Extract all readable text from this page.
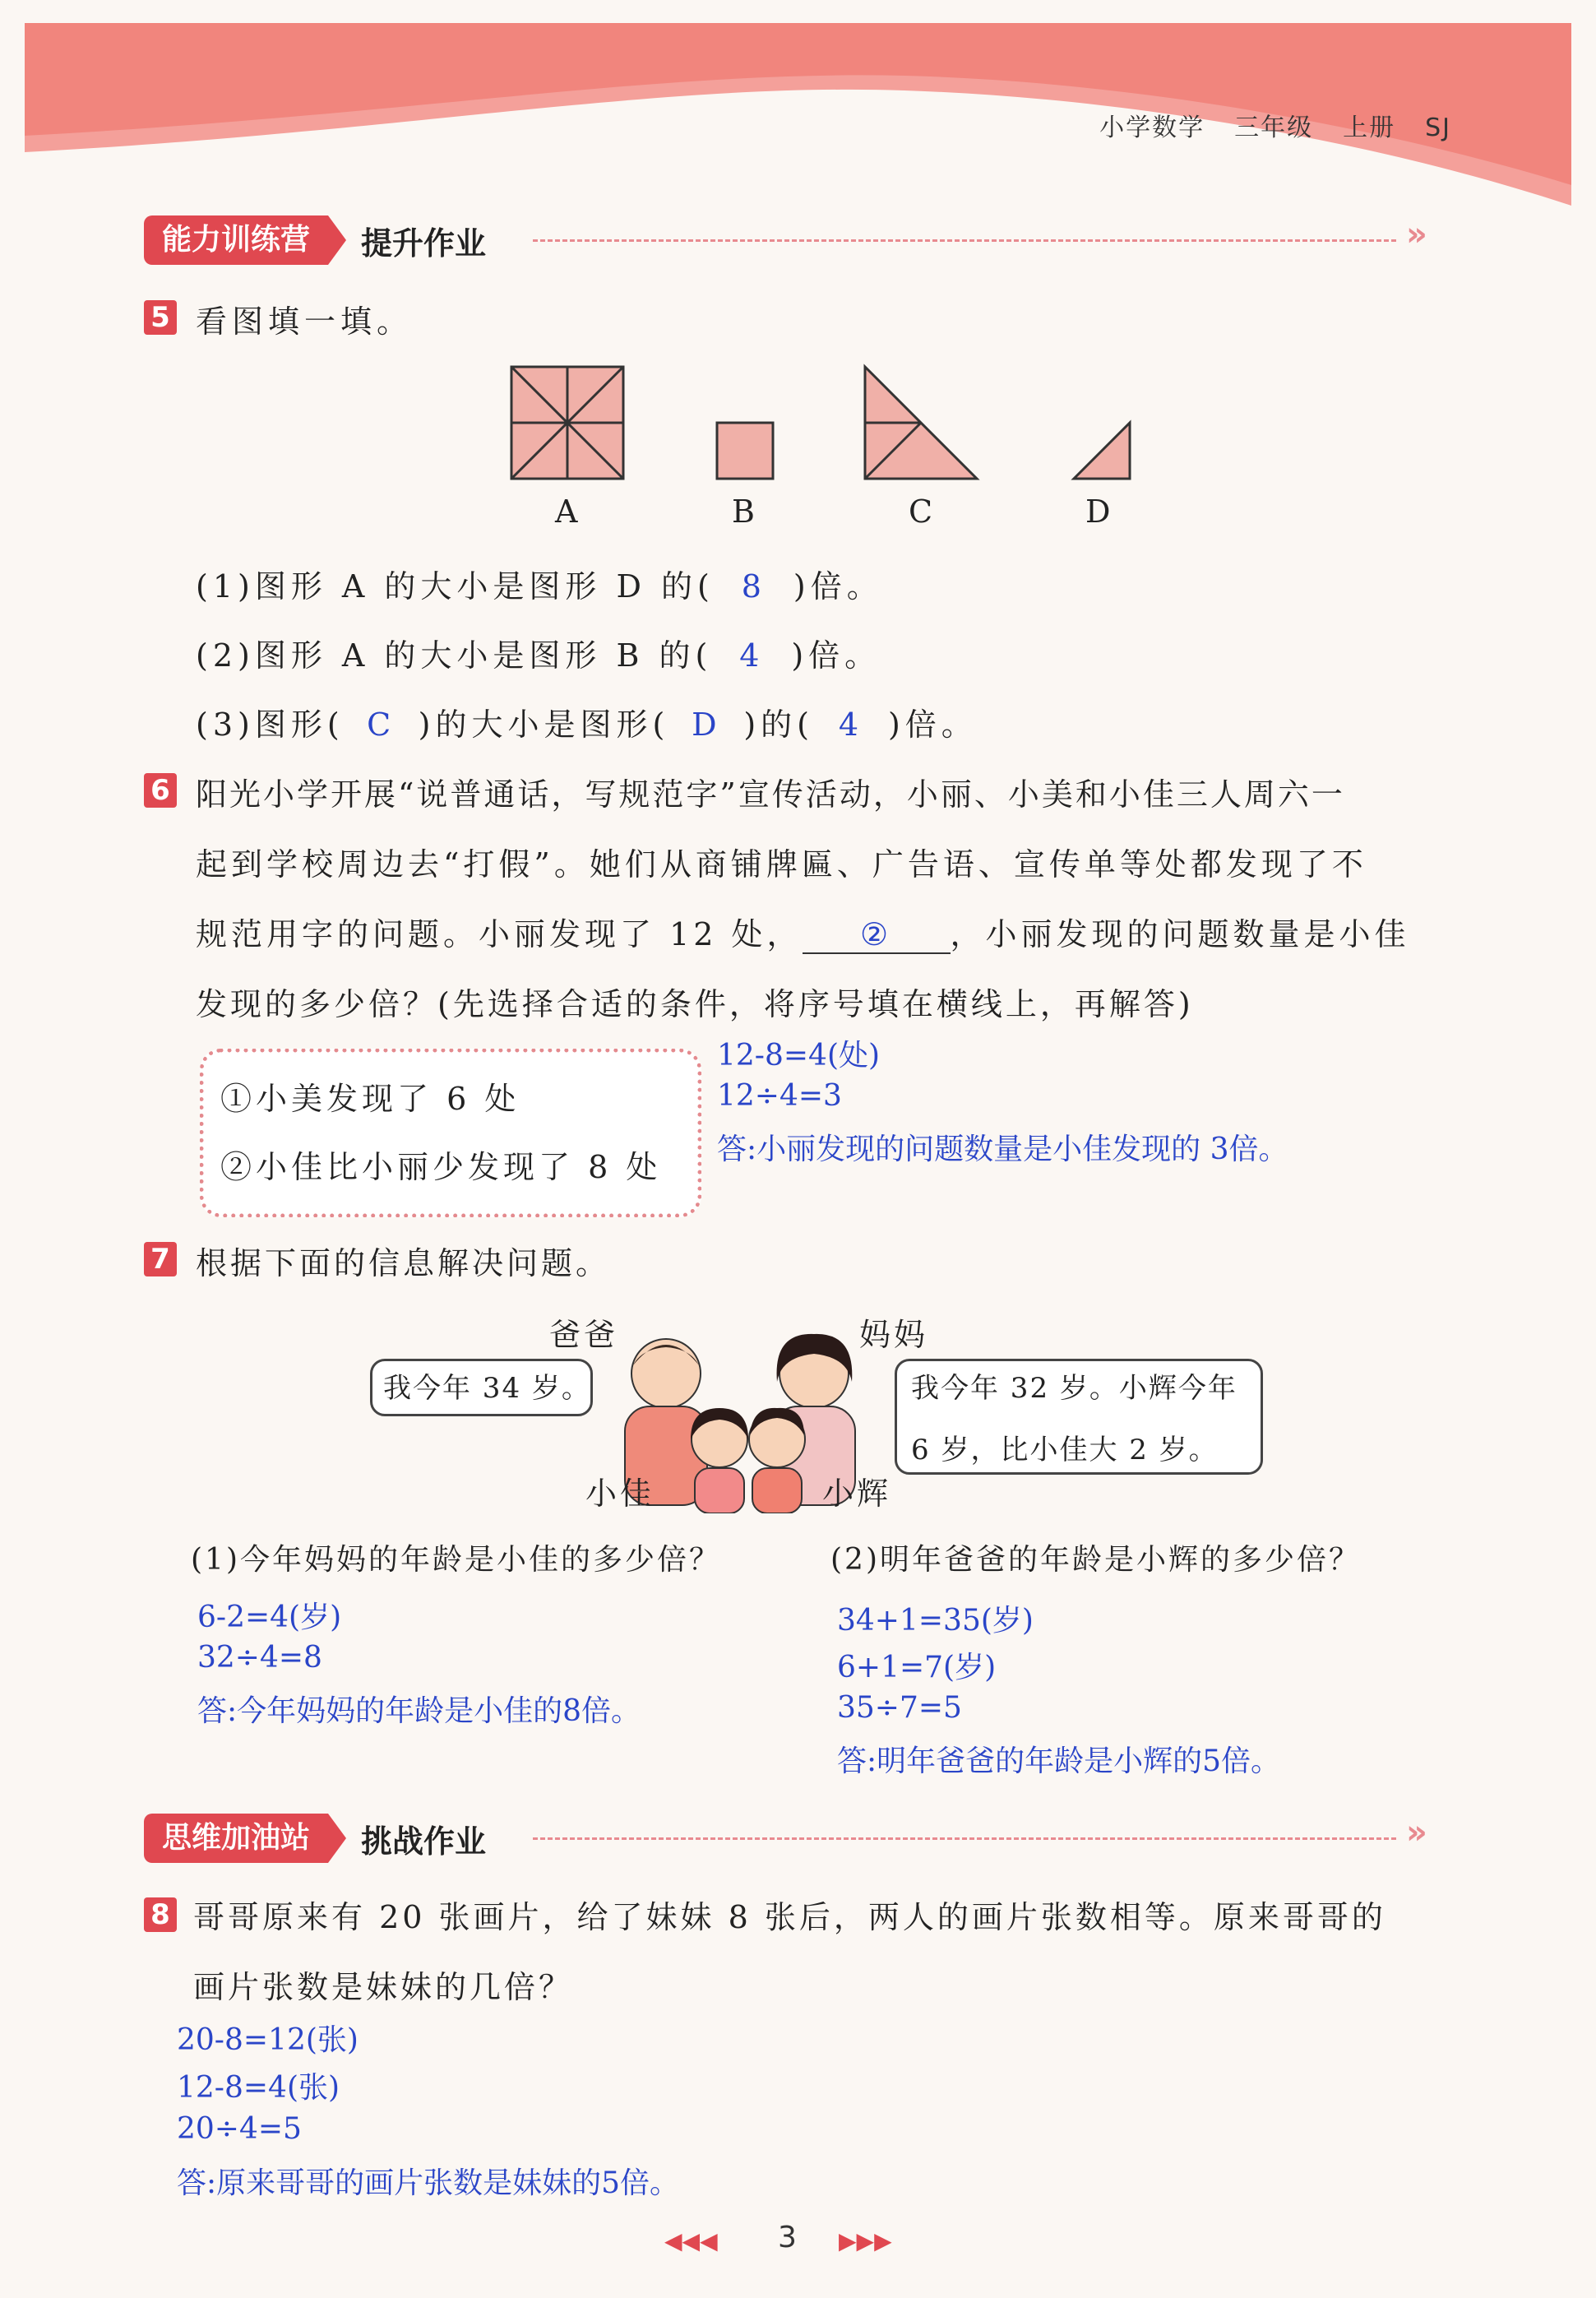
小学数学 三年级 上册 SJ
能力训练营	提升作业	»
5 看图填一填。
A	B	C	D
(1)图形 A 的大小是图形 D 的( 8 )倍。
(2)图形 A 的大小是图形 B 的( 4 )倍。
(3)图形( C )的大小是图形( D )的( 4 )倍。
6 阳光小学开展“说普通话，写规范字”宣传活动，小丽、小美和小佳三人周六一
起到学校周边去“打假”。她们从商铺牌匾、广告语、宣传单等处都发现了不
规范用字的问题。小丽发现了 12 处， ② ，小丽发现的问题数量是小佳
发现的多少倍？(先选择合适的条件，将序号填在横线上，再解答)
①小美发现了 6 处
②小佳比小丽少发现了 8 处
12-8=4(处)
12÷4=3
答:小丽发现的问题数量是小佳发现的 3倍。
7 根据下面的信息解决问题。
爸爸	妈妈
我今年 34 岁。	我今年 32 岁。小辉今年
6 岁，比小佳大 2 岁。
小佳	小辉
(1)今年妈妈的年龄是小佳的多少倍？	(2)明年爸爸的年龄是小辉的多少倍？
6-2=4(岁)
32÷4=8
答:今年妈妈的年龄是小佳的8倍。
34+1=35(岁)
6+1=7(岁)
35÷7=5
答:明年爸爸的年龄是小辉的5倍。
思维加油站	挑战作业	»
8 哥哥原来有 20 张画片，给了妹妹 8 张后，两人的画片张数相等。原来哥哥的
画片张数是妹妹的几倍？
20-8=12(张)
12-8=4(张)
20÷4=5
答:原来哥哥的画片张数是妹妹的5倍。
◀◀◀ 3 ▶▶▶
